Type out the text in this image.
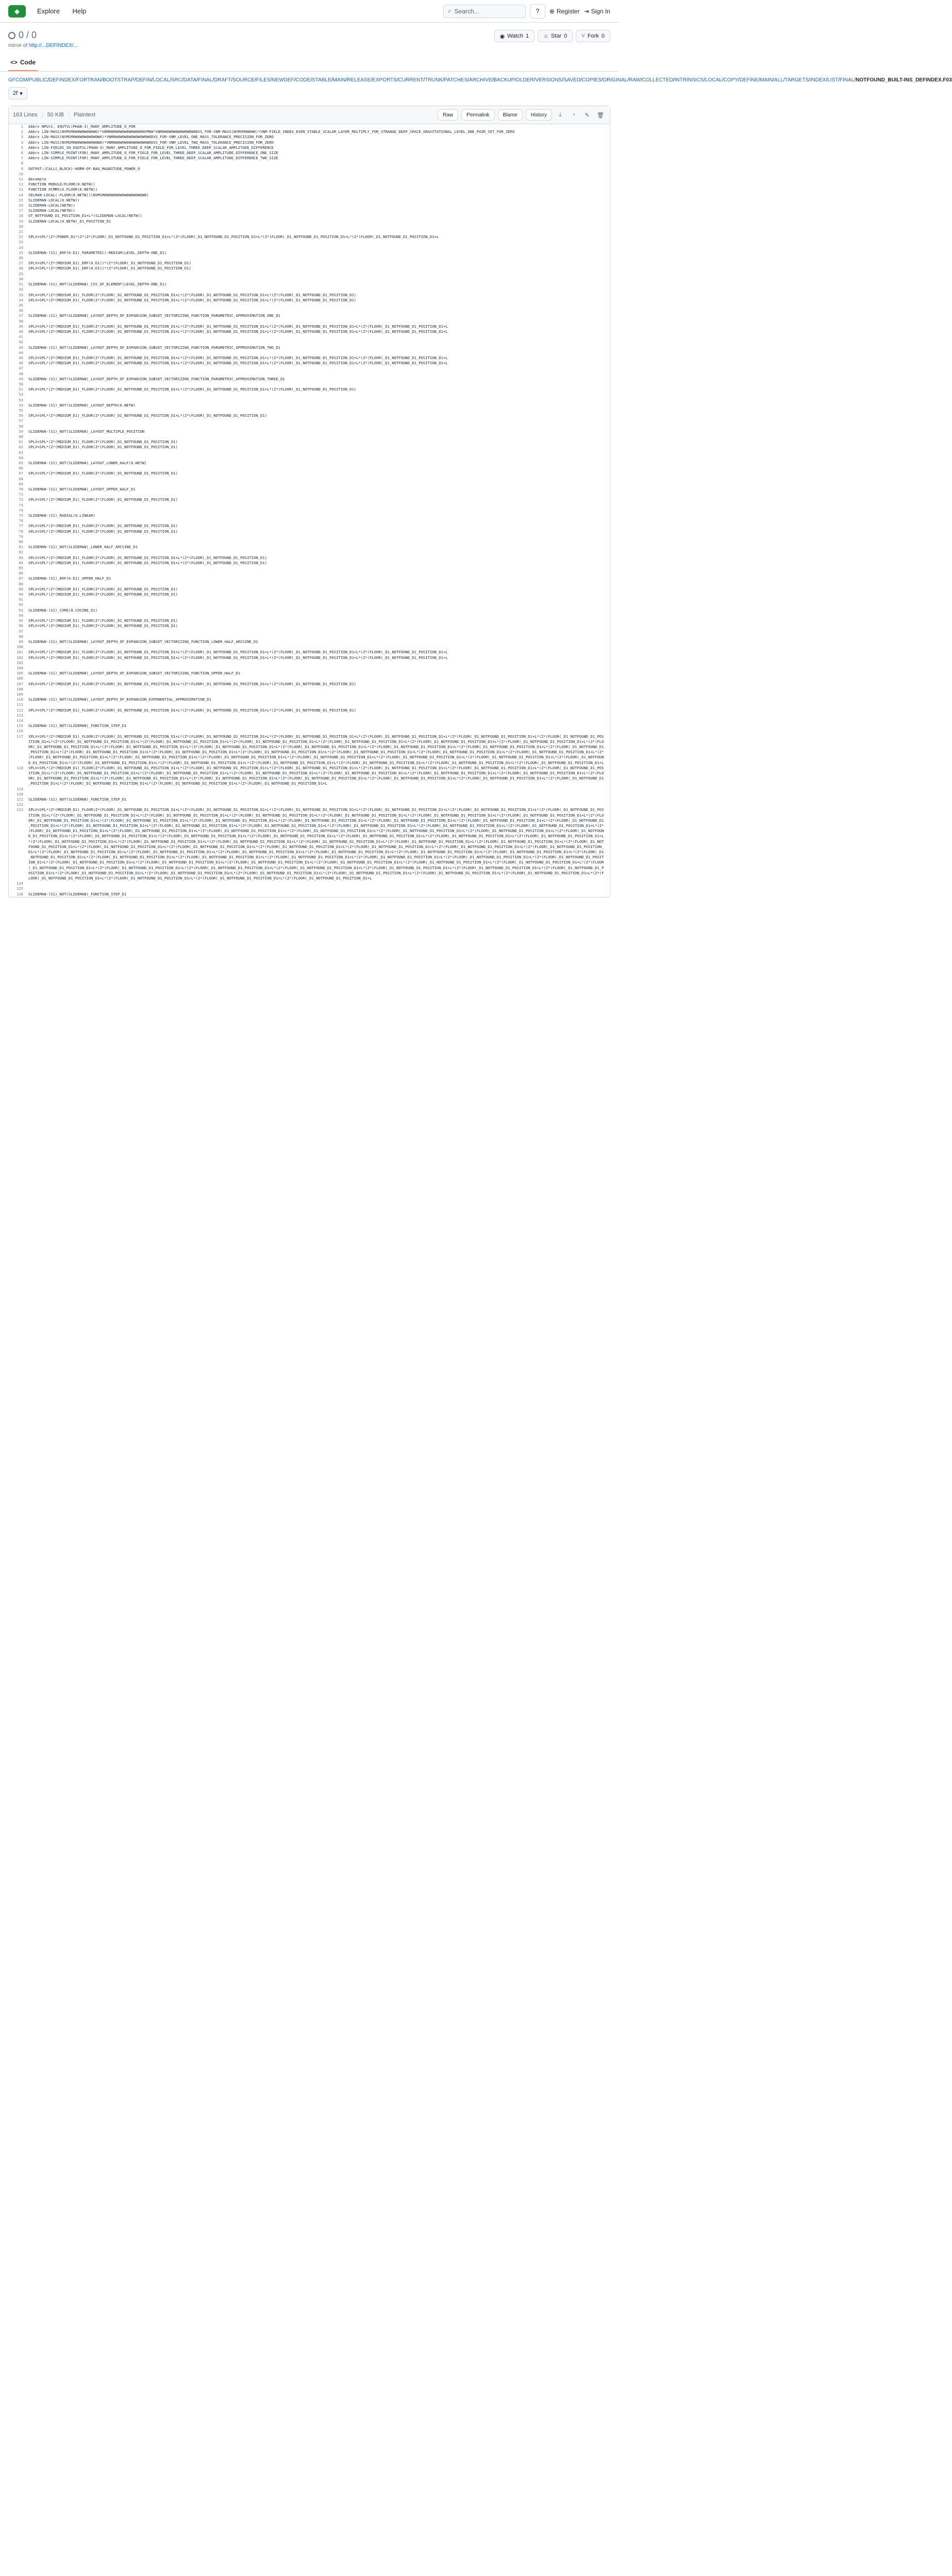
◆	Explore Help	⌕ Search...	?	⊕ Register ⇥ Sign In
0 / 0
mirror of http://...DEFINDEX/...
◉ Watch 1	☆ Star 0	⑂ Fork 0
<> Code
GFCOM/PUBLIC/DEFINDEX/FORTRAN/BOOTSTRAP/DEFIN/LOCAL/SRC/DATA/FINAL/DRAFT/SOURCE/FILES/NEWDEF/CODE/STABLE/MAIN/RELEASE/EXPORTS/CURRENT/TRUNK/PATCHES/ARCHIVE/BACKUP/OLDER/VERSIONS/SAVED/COPIES/ORIGINAL/RAW/COLLECTED/INTRINSICS/LOCAL/COPY/DEFINE/MAIN/ALL/TARGETS/INDEX/LIST/FINAL/NOTFOUND_BUILT-INS_DEFINDEX.F03
2f ▾
163 Lines | 50 KiB | Plaintext	Raw	Permalink	Blame	History	⤓	◔	✎	🗑
1	Abbrv NPU=1, EQUTVL(PHAN-3)_MANY_AMPLITUDE_O_FOR
2	Abbrv LIN-MASS(NVMSM0W0W0W0W0W0)*VNM0W0W0W0W0W0W0W0NVM0W*VNM0W0W0W0W0W0W0W0DVS_FOR-VNM-MASS(NVMSM0W0W0)*VNM-FIELD_INDEX_EVEN_STABLE_SCALAR_LAYER_MULTIPLY_FOR_STRANGE_DEEP_SPACE_GRAVITATIONAL_LEVEL_ONE_PAIR_SET_FOR_ZERO
3	Abbrv LIN-MASS(NVMSM0W0W0W0W0W0W0)*VNM0W0W0W0W0W0W0W0W0DVS_FOR-VNM_LEVEL_ONE_MASS_TOLERANCE_PRECISION_FOR_ZERO
4	Abbrv LIN-MASS(NVMSM0W0W0W0W0W0W0)*VNM0W0W0W0W0W0W0W0W0DVS_FOR-VNM_LEVEL_TWO_MASS_TOLERANCE_PRECISION_FOR_ZERO
5	Abbrv LIN-FIELDS_IN_EQUTVL(PHAN-3)_MANY_AMPLITUDE_O_FOR_FIELD_FOR_LEVEL_THREE_DEEP_SCALAR_AMPLITUDE_DIFFERENCE
6	Abbrv LIN-SIMPLE_POINT(FOR)_MANY_AMPLITUDE_O_FOR_FIELD_FOR_LEVEL_THREE_DEEP_SCALAR_AMPLITUDE_DIFFERENCE_ONE_SIZE
7	Abbrv LIN-SIMPLE_POINT(FOR)_MANY_AMPLITUDE_O_FOR_FIELD_FOR_LEVEL_THREE_DEEP_SCALAR_AMPLITUDE_DIFFERENCE_TWO_SIZE
8

9	OUTPUT:(CALLS_BLOCK)-NORM-OF-BAG_MAGNITUDE_POWER_O
10

11	@example
12	FUNCTION MODULE(FLOOR(0.NETW))
13	FUNCTION XCMMX(0.FLOOR(0.NETW))
14	SELMAN-LOCAL(-FLOOR(0.NETW))(NVMSM0W0W0W0W0W0W0W0W0W0)
15	SLIDEMAN-LOCAL(0.NETW))
16	SLIDEMAN-LOCAL(NETW))
17	SLIDEMAN-LOCAL(NETW))
18	GT_NOTFOUND_D1_POSITION_D1+L*(SLIDEMAN-LOCAL(NETW))
19	SLIDEMAN-LOCAL(0.NETW)_D1_POSITION_D1
20

21

22	SPLV=SPL*(Z*(POWER_D1*(Z*(Z*(FLOOR(_D1_NOTFOUND_D1_POSITION_D1+L*(Z*(FLOOR(_D1_NOTFOUND_D1_POSITION_D1+L*(Z*(FLOOR(_D1_NOTFOUND_D1_POSITION_D1+L*(Z*(FLOOR(_D1_NOTFOUND_D1_POSITION_D1+L
23

24

25	SLIDEMAN-(S1)_ERF(0.D1)_PARAMETRIC(-MEDIUM(LEVEL_DEPTH-ONE_D1)
26

27	SPLV=SPL*(Z*(MEDIUM_D1)_ERF(0.D1))*(Z*(FLOOR(_D1_NOTFOUND_D1_POSITION_D1)
28	SPLV=SPL*(Z*(MEDIUM_D1)_ERF(0.D1))*(Z*(FLOOR(_D1_NOTFOUND_D1_POSITION_D1)
29

30

31	SLIDEMAN-(S1)_NOT(SLIDEMAN)_CSS_OF_ELEMENT(LEVEL_DEPTH-ONE_D1)
32

33	SPLV=SPL*(Z*(MEDIUM_D1)_FLOOR(Z*(FLOOR(_D1_NOTFOUND_D1_POSITION_D1+L*(Z*(FLOOR(_D1_NOTFOUND_D1_POSITION_D1+L*(Z*(FLOOR(_D1_NOTFOUND_D1_POSITION_D1)
34	SPLV=SPL*(Z*(MEDIUM_D1)_FLOOR(Z*(FLOOR(_D1_NOTFOUND_D1_POSITION_D1+L*(Z*(FLOOR(_D1_NOTFOUND_D1_POSITION_D1+L*(Z*(FLOOR(_D1_NOTFOUND_D1_POSITION_D1)
35

36

37	SLIDEMAN-(S1)_NOT(SLIDEMAN)_LAYOUT_DEPTH_OF_EXPANSION_SUBSET_VECTORIZING_FUNCTION_PARAMETRIC_APPROXIMATION_ONE_D1
38

39	SPLV=SPL*(Z*(MEDIUM_D1)_FLOOR(Z*(FLOOR(_D1_NOTFOUND_D1_POSITION_D1+L*(Z*(FLOOR(_D1_NOTFOUND_D1_POSITION_D1+L*(Z*(FLOOR(_D1_NOTFOUND_D1_POSITION_D1+L*(Z*(FLOOR(_D1_NOTFOUND_D1_POSITION_D1+L
40	SPLV=SPL*(Z*(MEDIUM_D1)_FLOOR(Z*(FLOOR(_D1_NOTFOUND_D1_POSITION_D1+L*(Z*(FLOOR(_D1_NOTFOUND_D1_POSITION_D1+L*(Z*(FLOOR(_D1_NOTFOUND_D1_POSITION_D1+L*(Z*(FLOOR(_D1_NOTFOUND_D1_POSITION_D1+L
41

42

43	SLIDEMAN-(S1)_NOT(SLIDEMAN)_LAYOUT_DEPTH_OF_EXPANSION_SUBSET_VECTORIZING_FUNCTION_PARAMETRIC_APPROXIMATION_TWO_D1
44

45	SPLV=SPL*(Z*(MEDIUM_D1)_FLOOR(Z*(FLOOR(_D1_NOTFOUND_D1_POSITION_D1+L*(Z*(FLOOR(_D1_NOTFOUND_D1_POSITION_D1+L*(Z*(FLOOR(_D1_NOTFOUND_D1_POSITION_D1+L*(Z*(FLOOR(_D1_NOTFOUND_D1_POSITION_D1+L
46	SPLV=SPL*(Z*(MEDIUM_D1)_FLOOR(Z*(FLOOR(_D1_NOTFOUND_D1_POSITION_D1+L*(Z*(FLOOR(_D1_NOTFOUND_D1_POSITION_D1+L*(Z*(FLOOR(_D1_NOTFOUND_D1_POSITION_D1+L*(Z*(FLOOR(_D1_NOTFOUND_D1_POSITION_D1+L
47

48

49	SLIDEMAN-(S1)_NOT(SLIDEMAN)_LAYOUT_DEPTH_OF_EXPANSION_SUBSET_VECTORIZING_FUNCTION_PARAMETRIC_APPROXIMATION_THREE_D1
50

51	SPLV=SPL*(Z*(MEDIUM_D1)_FLOOR(Z*(FLOOR(_D1_NOTFOUND_D1_POSITION_D1+L*(Z*(FLOOR(_D1_NOTFOUND_D1_POSITION_D1+L*(Z*(FLOOR(_D1_NOTFOUND_D1_POSITION_D1)
52

53

54	SLIDEMAN-(S1)_NOT(SLIDEMAN)_LAYOUT_DEPTH(0.NETW)
55

56	SPLV=SPL*(Z*(MEDIUM_D1)_FLOOR(Z*(FLOOR(_D1_NOTFOUND_D1_POSITION_D1+L*(Z*(FLOOR(_D1_NOTFOUND_D1_POSITION_D1)
57

58

59	SLIDEMAN-(S1)_NOT(SLIDEMAN)_LAYOUT_MULTIPLE_POSITION
60

61	SPLV=SPL*(Z*(MEDIUM_D1)_FLOOR(Z*(FLOOR(_D1_NOTFOUND_D1_POSITION_D1)
62	SPLV=SPL*(Z*(MEDIUM_D1)_FLOOR(Z*(FLOOR(_D1_NOTFOUND_D1_POSITION_D1)
63

64

65	SLIDEMAN-(S1)_NOT(SLIDEMAN)_LAYOUT_LOWER_HALF(0.NETW)
66

67	SPLV=SPL*(Z*(MEDIUM_D1)_FLOOR(Z*(FLOOR(_D1_NOTFOUND_D1_POSITION_D1)
68

69

70	SLIDEMAN-(S1)_NOT(SLIDEMAN)_LAYOUT_UPPER_HALF_D1
71

72	SPLV=SPL*(Z*(MEDIUM_D1)_FLOOR(Z*(FLOOR(_D1_NOTFOUND_D1_POSITION_D1)
73

74

75	SLIDEMAN-(S1)_RADIAL(0.LINEAR)
76

77	SPLV=SPL*(Z*(MEDIUM_D1)_FLOOR(Z*(FLOOR(_D1_NOTFOUND_D1_POSITION_D1)
78	SPLV=SPL*(Z*(MEDIUM_D1)_FLOOR(Z*(FLOOR(_D1_NOTFOUND_D1_POSITION_D1)
79

80

81	SLIDEMAN-(S1)_NOT(SLIDEMAN)_LOWER_HALF_ARCSINE_D1
82

83	SPLV=SPL*(Z*(MEDIUM_D1)_FLOOR(Z*(FLOOR(_D1_NOTFOUND_D1_POSITION_D1+L*(Z*(FLOOR(_D1_NOTFOUND_D1_POSITION_D1)
84	SPLV=SPL*(Z*(MEDIUM_D1)_FLOOR(Z*(FLOOR(_D1_NOTFOUND_D1_POSITION_D1+L*(Z*(FLOOR(_D1_NOTFOUND_D1_POSITION_D1)
85

86

87	SLIDEMAN-(S1)_ERF(0.D1)_UPPER_HALF_D1
88

89	SPLV=SPL*(Z*(MEDIUM_D1)_FLOOR(Z*(FLOOR(_D1_NOTFOUND_D1_POSITION_D1)
90	SPLV=SPL*(Z*(MEDIUM_D1)_FLOOR(Z*(FLOOR(_D1_NOTFOUND_D1_POSITION_D1)
91

92

93	SLIDEMAN-(S1)_CORE(0.COSINE_D1)
94

95	SPLV=SPL*(Z*(MEDIUM_D1)_FLOOR(Z*(FLOOR(_D1_NOTFOUND_D1_POSITION_D1)
96	SPLV=SPL*(Z*(MEDIUM_D1)_FLOOR(Z*(FLOOR(_D1_NOTFOUND_D1_POSITION_D1)
97

98

99	SLIDEMAN-(S1)_NOT(SLIDEMAN)_LAYOUT_DEPTH_OF_EXPANSION_SUBSET_VECTORIZING_FUNCTION_LOWER_HALF_ARCSINE_D1
100

101	SPLV=SPL*(Z*(MEDIUM_D1)_FLOOR(Z*(FLOOR(_D1_NOTFOUND_D1_POSITION_D1+L*(Z*(FLOOR(_D1_NOTFOUND_D1_POSITION_D1+L*(Z*(FLOOR(_D1_NOTFOUND_D1_POSITION_D1+L*(Z*(FLOOR(_D1_NOTFOUND_D1_POSITION_D1+L
102	SPLV=SPL*(Z*(MEDIUM_D1)_FLOOR(Z*(FLOOR(_D1_NOTFOUND_D1_POSITION_D1+L*(Z*(FLOOR(_D1_NOTFOUND_D1_POSITION_D1+L*(Z*(FLOOR(_D1_NOTFOUND_D1_POSITION_D1+L*(Z*(FLOOR(_D1_NOTFOUND_D1_POSITION_D1+L
103

104

105	SLIDEMAN-(S1)_NOT(SLIDEMAN)_LAYOUT_DEPTH_OF_EXPANSION_SUBSET_VECTORIZING_FUNCTION_UPPER_HALF_D1
106

107	SPLV=SPL*(Z*(MEDIUM_D1)_FLOOR(Z*(FLOOR(_D1_NOTFOUND_D1_POSITION_D1+L*(Z*(FLOOR(_D1_NOTFOUND_D1_POSITION_D1+L*(Z*(FLOOR(_D1_NOTFOUND_D1_POSITION_D1)
108

109

110	SLIDEMAN-(S1)_NOT(SLIDEMAN)_LAYOUT_DEPTH_OF_EXPANSION_EXPONENTIAL_APPROXIMATION_D1
111

112	SPLV=SPL*(Z*(MEDIUM_D1)_FLOOR(Z*(FLOOR(_D1_NOTFOUND_D1_POSITION_D1+L*(Z*(FLOOR(_D1_NOTFOUND_D1_POSITION_D1+L*(Z*(FLOOR(_D1_NOTFOUND_D1_POSITION_D1)
113

114

115	SLIDEMAN-(S1)_NOT(SLIDEMAN)_FUNCTION_STEP_D1
116

117	SPLV=SPL*(Z*(MEDIUM_D1)_FLOOR(Z*(FLOOR(_D1_NOTFOUND_D1_POSITION_D1+L*(Z*(FLOOR(_D1_NOTFOUND_D1_POSITION_D1+L*(Z*(FLOOR(_D1_NOTFOUND_D1_POSITION_D1+L*(Z*(FLOOR(_D1_NOTFOUND_D1_POSITION_D1+L*(Z*(FLOOR(_D1_NOTFOUND_D1_POSITION_D1+L*(Z*(FLOOR(_D1_NOTFOUND_D1_POSITION_D1+L*(Z*(FLOOR(_D1_NOTFOUND_D1_POSITION_D1+L*(Z*(FLOOR(_D1_NOTFOUND_D1_POSITION_D1+L*(Z*(FLOOR(_D1_NOTFOUND_D1_POSITION_D1+L*(Z*(FLOOR(_D1_NOTFOUND_D1_POSITION_D1+L*(Z*(FLOOR(_D1_NOTFOUND_D1_POSITION_D1+L*(Z*(FLOOR(_D1_NOTFOUND_D1_POSITION_D1+L*(Z*(FLOOR(_D1_NOTFOUND_D1_POSITION_D1+L*(Z*(FLOOR(_D1_NOTFOUND_D1_POSITION_D1+L*(Z*(FLOOR(_D1_NOTFOUND_D1_POSITION_D1+L*(Z*(FLOOR(_D1_NOTFOUND_D1_POSITION_D1+L*(Z*(FLOOR(_D1_NOTFOUND_D1_POSITION_D1+L*(Z*(FLOOR(_D1_NOTFOUND_D1_POSITION_D1+L*(Z*(FLOOR(_D1_NOTFOUND_D1_POSITION_D1+L*(Z*(FLOOR(_D1_NOTFOUND_D1_POSITION_D1+L*(Z*(FLOOR(_D1_NOTFOUND_D1_POSITION_D1+L*(Z*(FLOOR(_D1_NOTFOUND_D1_POSITION_D1+L*(Z*(FLOOR(_D1_NOTFOUND_D1_POSITION_D1+L*(Z*(FLOOR(_D1_NOTFOUND_D1_POSITION_D1+L*(Z*(FLOOR(_D1_NOTFOUND_D1_POSITION_D1+L*(Z*(FLOOR(_D1_NOTFOUND_D1_POSITION_D1+L*(Z*(FLOOR(_D1_NOTFOUND_D1_POSITION_D1+L*(Z*(FLOOR(_D1_NOTFOUND_D1_POSITION_D1+L*(Z*(FLOOR(_D1_NOTFOUND_D1_POSITION_D1+L*(Z*(FLOOR(_D1_NOTFOUND_D1_POSITION_D1+L*(Z*(FLOOR(_D1_NOTFOUND_D1_POSITION_D1+L*(Z*(FLOOR(_D1_NOTFOUND_D1_POSITION_D1+L*(Z*(FLOOR(_D1_NOTFOUND_D1_POSITION_D1+L*(Z*(FLOOR(_D1_NOTFOUND_D1_POSITION_D1+L*(Z*(FLOOR(_D1_NOTFOUND_D1_POSITION_D1+L*(Z*(FLOOR(_D1_NOTFOUND_D1_POSITION_D1+L*(Z*(FLOOR(_D1_NOTFOUND_D1_POSITION_D1+L*(Z*(FLOOR(_D1_NOTFOUND_D1_POSITION_D1+L
118	SPLV=SPL*(Z*(MEDIUM_D1)_FLOOR(Z*(FLOOR(_D1_NOTFOUND_D1_POSITION_D1+L*(Z*(FLOOR(_D1_NOTFOUND_D1_POSITION_D1+L*(Z*(FLOOR(_D1_NOTFOUND_D1_POSITION_D1+L*(Z*(FLOOR(_D1_NOTFOUND_D1_POSITION_D1+L*(Z*(FLOOR(_D1_NOTFOUND_D1_POSITION_D1+L*(Z*(FLOOR(_D1_NOTFOUND_D1_POSITION_D1+L*(Z*(FLOOR(_D1_NOTFOUND_D1_POSITION_D1+L*(Z*(FLOOR(_D1_NOTFOUND_D1_POSITION_D1+L*(Z*(FLOOR(_D1_NOTFOUND_D1_POSITION_D1+L*(Z*(FLOOR(_D1_NOTFOUND_D1_POSITION_D1+L*(Z*(FLOOR(_D1_NOTFOUND_D1_POSITION_D1+L*(Z*(FLOOR(_D1_NOTFOUND_D1_POSITION_D1+L*(Z*(FLOOR(_D1_NOTFOUND_D1_POSITION_D1+L*(Z*(FLOOR(_D1_NOTFOUND_D1_POSITION_D1+L*(Z*(FLOOR(_D1_NOTFOUND_D1_POSITION_D1+L*(Z*(FLOOR(_D1_NOTFOUND_D1_POSITION_D1+L*(Z*(FLOOR(_D1_NOTFOUND_D1_POSITION_D1+L*(Z*(FLOOR(_D1_NOTFOUND_D1_POSITION_D1+L*(Z*(FLOOR(_D1_NOTFOUND_D1_POSITION_D1+L*(Z*(FLOOR(_D1_NOTFOUND_D1_POSITION_D1+L*(Z*(FLOOR(_D1_NOTFOUND_D1_POSITION_D1+L*(Z*(FLOOR(_D1_NOTFOUND_D1_POSITION_D1+L
119

120

121	SLIDEMAN-(S1)_NOT(SLIDEMAN)_FUNCTION_STEP_D1
122

123	SPLV=SPL*(Z*(MEDIUM_D1)_FLOOR(Z*(FLOOR(_D1_NOTFOUND_D1_POSITION_D1+L*(Z*(FLOOR(_D1_NOTFOUND_D1_POSITION_D1+L*(Z*(FLOOR(_D1_NOTFOUND_D1_POSITION_D1+L*(Z*(FLOOR(_D1_NOTFOUND_D1_POSITION_D1+L*(Z*(FLOOR(_D1_NOTFOUND_D1_POSITION_D1+L*(Z*(FLOOR(_D1_NOTFOUND_D1_POSITION_D1+L*(Z*(FLOOR(_D1_NOTFOUND_D1_POSITION_D1+L*(Z*(FLOOR(_D1_NOTFOUND_D1_POSITION_D1+L*(Z*(FLOOR(_D1_NOTFOUND_D1_POSITION_D1+L*(Z*(FLOOR(_D1_NOTFOUND_D1_POSITION_D1+L*(Z*(FLOOR(_D1_NOTFOUND_D1_POSITION_D1+L*(Z*(FLOOR(_D1_NOTFOUND_D1_POSITION_D1+L*(Z*(FLOOR(_D1_NOTFOUND_D1_POSITION_D1+L*(Z*(FLOOR(_D1_NOTFOUND_D1_POSITION_D1+L*(Z*(FLOOR(_D1_NOTFOUND_D1_POSITION_D1+L*(Z*(FLOOR(_D1_NOTFOUND_D1_POSITION_D1+L*(Z*(FLOOR(_D1_NOTFOUND_D1_POSITION_D1+L*(Z*(FLOOR(_D1_NOTFOUND_D1_POSITION_D1+L*(Z*(FLOOR(_D1_NOTFOUND_D1_POSITION_D1+L*(Z*(FLOOR(_D1_NOTFOUND_D1_POSITION_D1+L*(Z*(FLOOR(_D1_NOTFOUND_D1_POSITION_D1+L*(Z*(FLOOR(_D1_NOTFOUND_D1_POSITION_D1+L*(Z*(FLOOR(_D1_NOTFOUND_D1_POSITION_D1+L*(Z*(FLOOR(_D1_NOTFOUND_D1_POSITION_D1+L*(Z*(FLOOR(_D1_NOTFOUND_D1_POSITION_D1+L*(Z*(FLOOR(_D1_NOTFOUND_D1_POSITION_D1+L*(Z*(FLOOR(_D1_NOTFOUND_D1_POSITION_D1+L*(Z*(FLOOR(_D1_NOTFOUND_D1_POSITION_D1+L*(Z*(FLOOR(_D1_NOTFOUND_D1_POSITION_D1+L*(Z*(FLOOR(_D1_NOTFOUND_D1_POSITION_D1+L*(Z*(FLOOR(_D1_NOTFOUND_D1_POSITION_D1+L*(Z*(FLOOR(_D1_NOTFOUND_D1_POSITION_D1+L*(Z*(FLOOR(_D1_NOTFOUND_D1_POSITION_D1+L*(Z*(FLOOR(_D1_NOTFOUND_D1_POSITION_D1+L*(Z*(FLOOR(_D1_NOTFOUND_D1_POSITION_D1+L*(Z*(FLOOR(_D1_NOTFOUND_D1_POSITION_D1+L*(Z*(FLOOR(_D1_NOTFOUND_D1_POSITION_D1+L*(Z*(FLOOR(_D1_NOTFOUND_D1_POSITION_D1+L*(Z*(FLOOR(_D1_NOTFOUND_D1_POSITION_D1+L*(Z*(FLOOR(_D1_NOTFOUND_D1_POSITION_D1+L*(Z*(FLOOR(_D1_NOTFOUND_D1_POSITION_D1+L*(Z*(FLOOR(_D1_NOTFOUND_D1_POSITION_D1+L*(Z*(FLOOR(_D1_NOTFOUND_D1_POSITION_D1+L*(Z*(FLOOR(_D1_NOTFOUND_D1_POSITION_D1+L*(Z*(FLOOR(_D1_NOTFOUND_D1_POSITION_D1+L*(Z*(FLOOR(_D1_NOTFOUND_D1_POSITION_D1+L*(Z*(FLOOR(_D1_NOTFOUND_D1_POSITION_D1+L*(Z*(FLOOR(_D1_NOTFOUND_D1_POSITION_D1+L*(Z*(FLOOR(_D1_NOTFOUND_D1_POSITION_D1+L*(Z*(FLOOR(_D1_NOTFOUND_D1_POSITION_D1+L*(Z*(FLOOR(_D1_NOTFOUND_D1_POSITION_D1+L*(Z*(FLOOR(_D1_NOTFOUND_D1_POSITION_D1+L*(Z*(FLOOR(_D1_NOTFOUND_D1_POSITION_D1+L*(Z*(FLOOR(_D1_NOTFOUND_D1_POSITION_D1+L*(Z*(FLOOR(_D1_NOTFOUND_D1_POSITION_D1+L*(Z*(FLOOR(_D1_NOTFOUND_D1_POSITION_D1+L*(Z*(FLOOR(_D1_NOTFOUND_D1_POSITION_D1+L*(Z*(FLOOR(_D1_NOTFOUND_D1_POSITION_D1+L*(Z*(FLOOR(_D1_NOTFOUND_D1_POSITION_D1+L*(Z*(FLOOR(_D1_NOTFOUND_D1_POSITION_D1+L*(Z*(FLOOR(_D1_NOTFOUND_D1_POSITION_D1+L*(Z*(FLOOR(_D1_NOTFOUND_D1_POSITION_D1+L*(Z*(FLOOR(_D1_NOTFOUND_D1_POSITION_D1+L*(Z*(FLOOR(_D1_NOTFOUND_D1_POSITION_D1+L*(Z*(FLOOR(_D1_NOTFOUND_D1_POSITION_D1+L*(Z*(FLOOR(_D1_NOTFOUND_D1_POSITION_D1+L*(Z*(FLOOR(_D1_NOTFOUND_D1_POSITION_D1+L*(Z*(FLOOR(_D1_NOTFOUND_D1_POSITION_D1+L*(Z*(FLOOR(_D1_NOTFOUND_D1_POSITION_D1+L*(Z*(FLOOR(_D1_NOTFOUND_D1_POSITION_D1+L*(Z*(FLOOR(_D1_NOTFOUND_D1_POSITION_D1+L*(Z*(FLOOR(_D1_NOTFOUND_D1_POSITION_D1+L*(Z*(FLOOR(_D1_NOTFOUND_D1_POSITION_D1+L*(Z*(FLOOR(_D1_NOTFOUND_D1_POSITION_D1+L*(Z*(FLOOR(_D1_NOTFOUND_D1_POSITION_D1+L*(Z*(FLOOR(_D1_NOTFOUND_D1_POSITION_D1+L*(Z*(FLOOR(_D1_NOTFOUND_D1_POSITION_D1+L*(Z*(FLOOR(_D1_NOTFOUND_D1_POSITION_D1+L*(Z*(FLOOR(_D1_NOTFOUND_D1_POSITION_D1+L*(Z*(FLOOR(_D1_NOTFOUND_D1_POSITION_D1+L*(Z*(FLOOR(_D1_NOTFOUND_D1_POSITION_D1+L*(Z*(FLOOR(_D1_NOTFOUND_D1_POSITION_D1+L*(Z*(FLOOR(_D1_NOTFOUND_D1_POSITION_D1+L*(Z*(FLOOR(_D1_NOTFOUND_D1_POSITION_D1+L*(Z*(FLOOR(_D1_NOTFOUND_D1_POSITION_D1+L*(Z*(FLOOR(_D1_NOTFOUND_D1_POSITION_D1+L*(Z*(FLOOR(_D1_NOTFOUND_D1_POSITION_D1+L
124

125

126	SLIDEMAN-(S1)_NOT(SLIDEMAN)_FUNCTION_STEP_D1
